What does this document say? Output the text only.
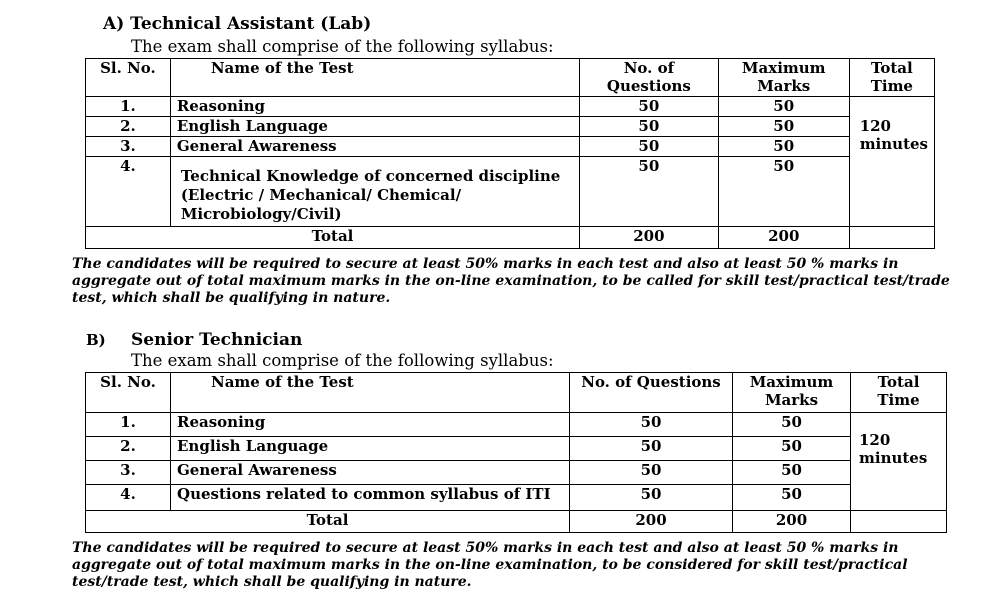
A) Technical Assistant (Lab)
The exam shall comprise of the following syllabus:
Sl. No.	Name of the Test	No. of Questions	Maximum Marks	Total Time
1.	Reasoning	50	50	120
minutes

2.	English Language	50	50	
3.	General Awareness	50	50	
4.	Technical Knowledge of concerned discipline (Electric / Mechanical/ Chemical/ Microbiology/Civil)	50	50	
Total		200	200	
The candidates will be required to secure at least 50% marks in each test and also at least 50 % marks in aggregate out of total maximum marks in the on-line examination, to be called for skill test/practical test/trade test, which shall be qualifying in nature.
B) Senior Technician
The exam shall comprise of the following syllabus:
Sl. No.	Name of the Test	No. of Questions	Maximum Marks	Total Time
1.	Reasoning	50	50	120
minutes

2.	English Language	50	50	
3.	General Awareness	50	50	
4.	Questions related to common syllabus of ITI	50	50	
Total		200	200	
The candidates will be required to secure at least 50% marks in each test and also at least 50 % marks in aggregate out of total maximum marks in the on-line examination, to be considered for skill test/practical test/trade test, which shall be qualifying in nature.
